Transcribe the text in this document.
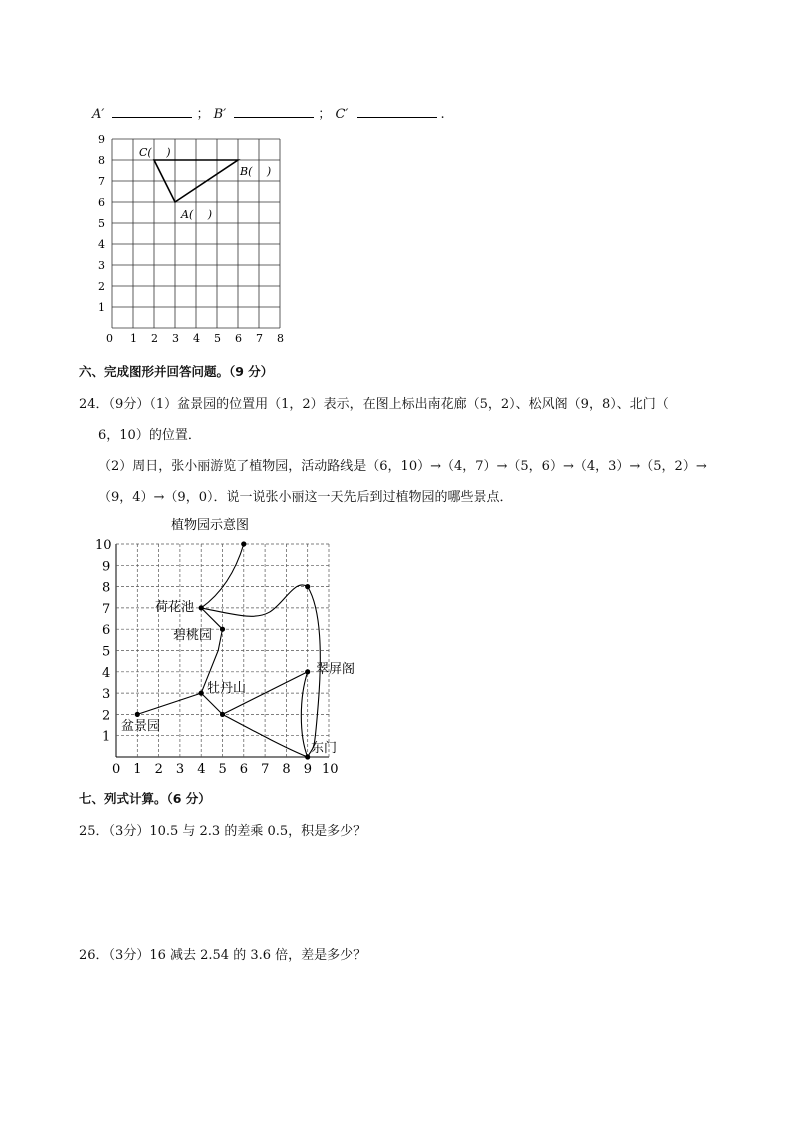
A′	； B′	； C′	.
0 1 2 3 4 5 6 7 8
1
2
3
4
5
6
7
8
9
C(　 )
B(　 )
A(　 )
六、完成图形并回答问题。（9 分）
24．（9分）（1）盆景园的位置用（1，2）表示，在图上标出南花廊（5，2）、松风阁（9，8）、北门（
6，10）的位置．
（2）周日，张小丽游览了植物园，活动路线是（6，10）→（4，7）→（5，6）→（4，3）→（5，2）→
（9，4）→（9，0）．说一说张小丽这一天先后到过植物园的哪些景点．
植物园示意图
0 1 2 3 4 5 6 7 8 9 10
1
2
3
4
5
6
7
8
9
10
荷花池
碧桃园
牡丹山
盆景园
翠屏阁
东门
七、列式计算。（6 分）
25．（3分）10.5 与 2.3 的差乘 0.5，积是多少？
26．（3分）16 减去 2.54 的 3.6 倍，差是多少？
